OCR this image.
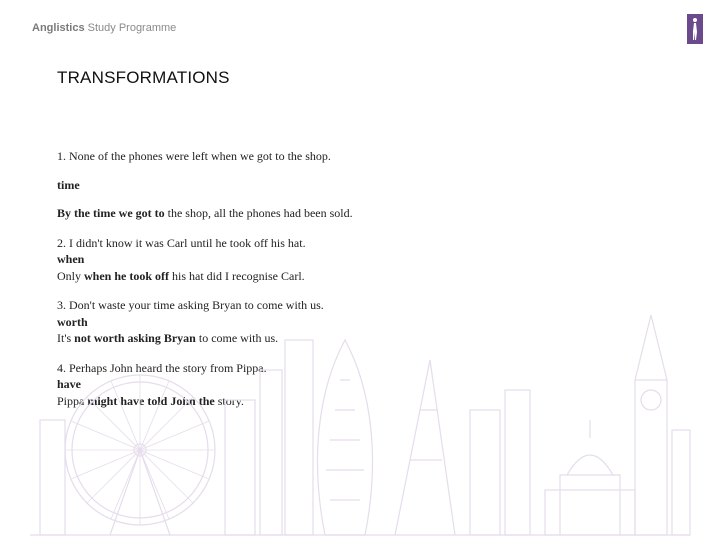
Anglistics Study Programme
TRANSFORMATIONS
1. None of the phones were left when we got to the shop.
time
By the time we got to the shop, all the phones had been sold.
2. I didn't know it was Carl until he took off his hat.
when
Only when he took off his hat did I recognise Carl.
3. Don't waste your time asking Bryan to come with us.
worth
It's not worth asking Bryan to come with us.
4. Perhaps John heard the story from Pippa.
have
Pippa might have told John the story.
